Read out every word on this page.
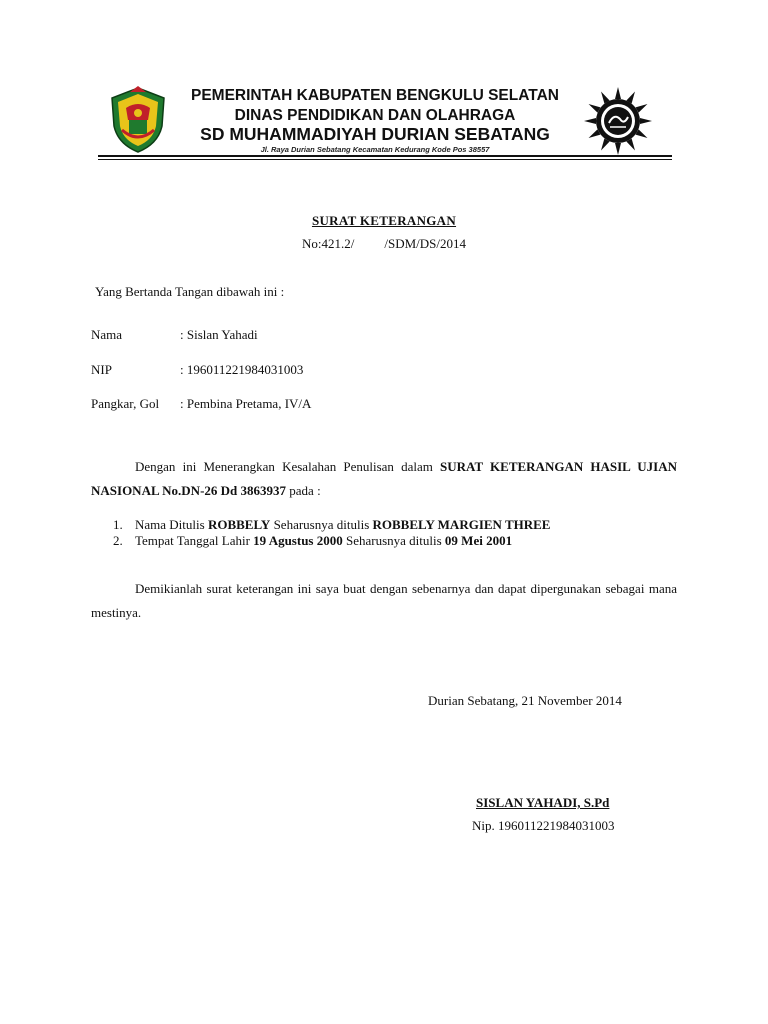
PEMERINTAH KABUPATEN BENGKULU SELATAN
DINAS PENDIDIKAN DAN OLAHRAGA
SD MUHAMMADIYAH DURIAN SEBATANG
Jl. Raya Durian Sebatang Kecamatan Kedurang Kode Pos 38557
SURAT KETERANGAN
No:421.2/ /SDM/DS/2014
Yang Bertanda Tangan dibawah ini :
Nama	: Sislan Yahadi
NIP	: 196011221984031003
Pangkar, Gol : Pembina Pretama, IV/A
Dengan ini Menerangkan Kesalahan Penulisan dalam SURAT KETERANGAN HASIL UJIAN NASIONAL No.DN-26 Dd 3863937 pada :
1. Nama Ditulis ROBBELY Seharusnya ditulis ROBBELY MARGIEN THREE
2. Tempat Tanggal Lahir 19 Agustus 2000 Seharusnya ditulis 09 Mei 2001
Demikianlah surat keterangan ini saya buat dengan sebenarnya dan dapat dipergunakan sebagai mana mestinya.
Durian Sebatang, 21 November 2014
SISLAN YAHADI, S.Pd
Nip. 196011221984031003
